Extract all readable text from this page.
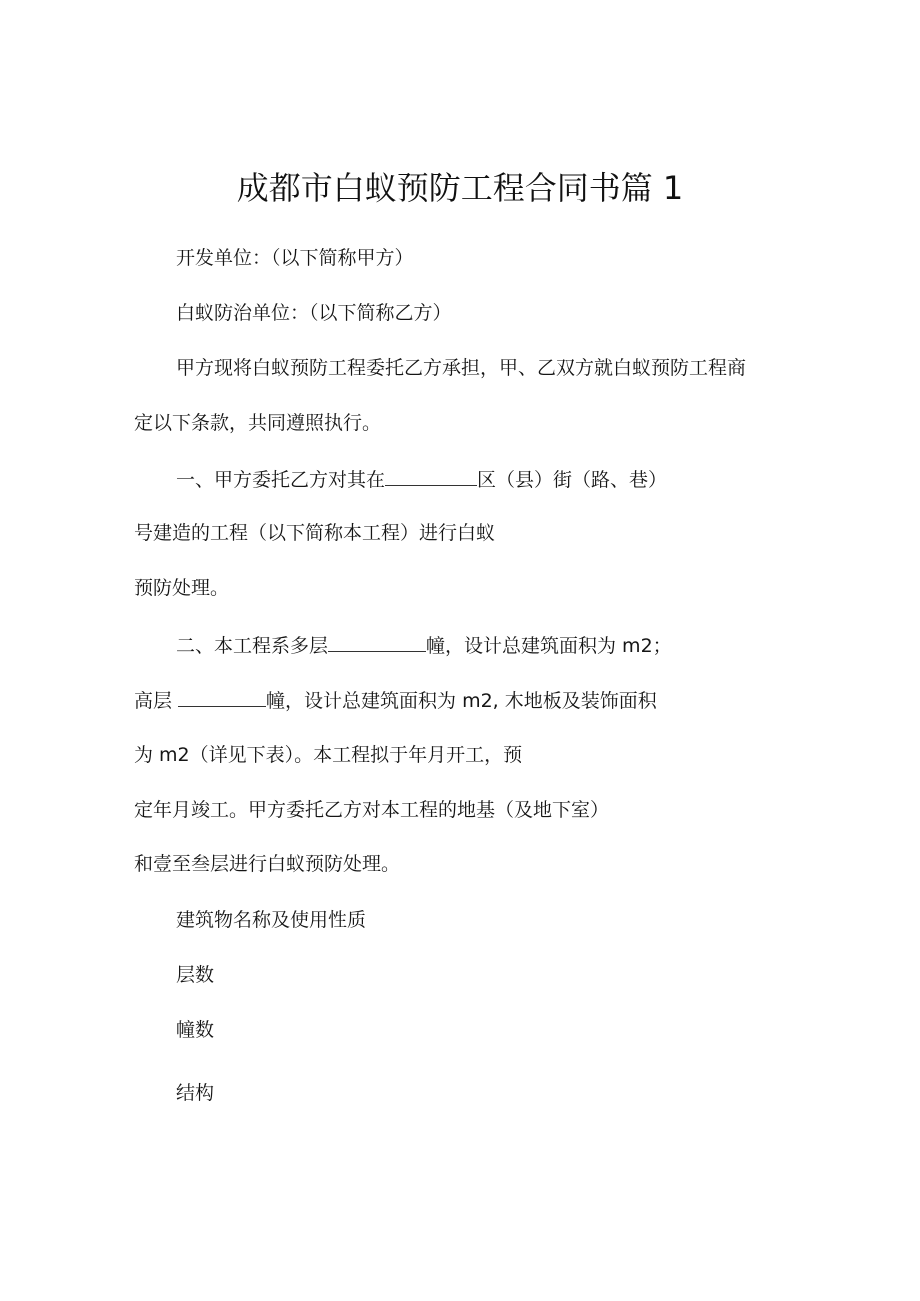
成都市白蚁预防工程合同书篇 1
开发单位：（以下简称甲方）
白蚁防治单位：（以下简称乙方）
甲方现将白蚁预防工程委托乙方承担，甲、乙双方就白蚁预防工程商
定以下条款，共同遵照执行。
一、甲方委托乙方对其在	区（县）街（路、巷）
号建造的工程（以下简称本工程）进行白蚁
预防处理。
二、本工程系多层	幢，设计总建筑面积为 m2；
高层	幢，设计总建筑面积为 m2, 木地板及装饰面积
为 m2（详见下表）。本工程拟于年月开工，预
定年月竣工。甲方委托乙方对本工程的地基（及地下室）
和壹至叁层进行白蚁预防处理。
建筑物名称及使用性质
层数
幢数
结构
